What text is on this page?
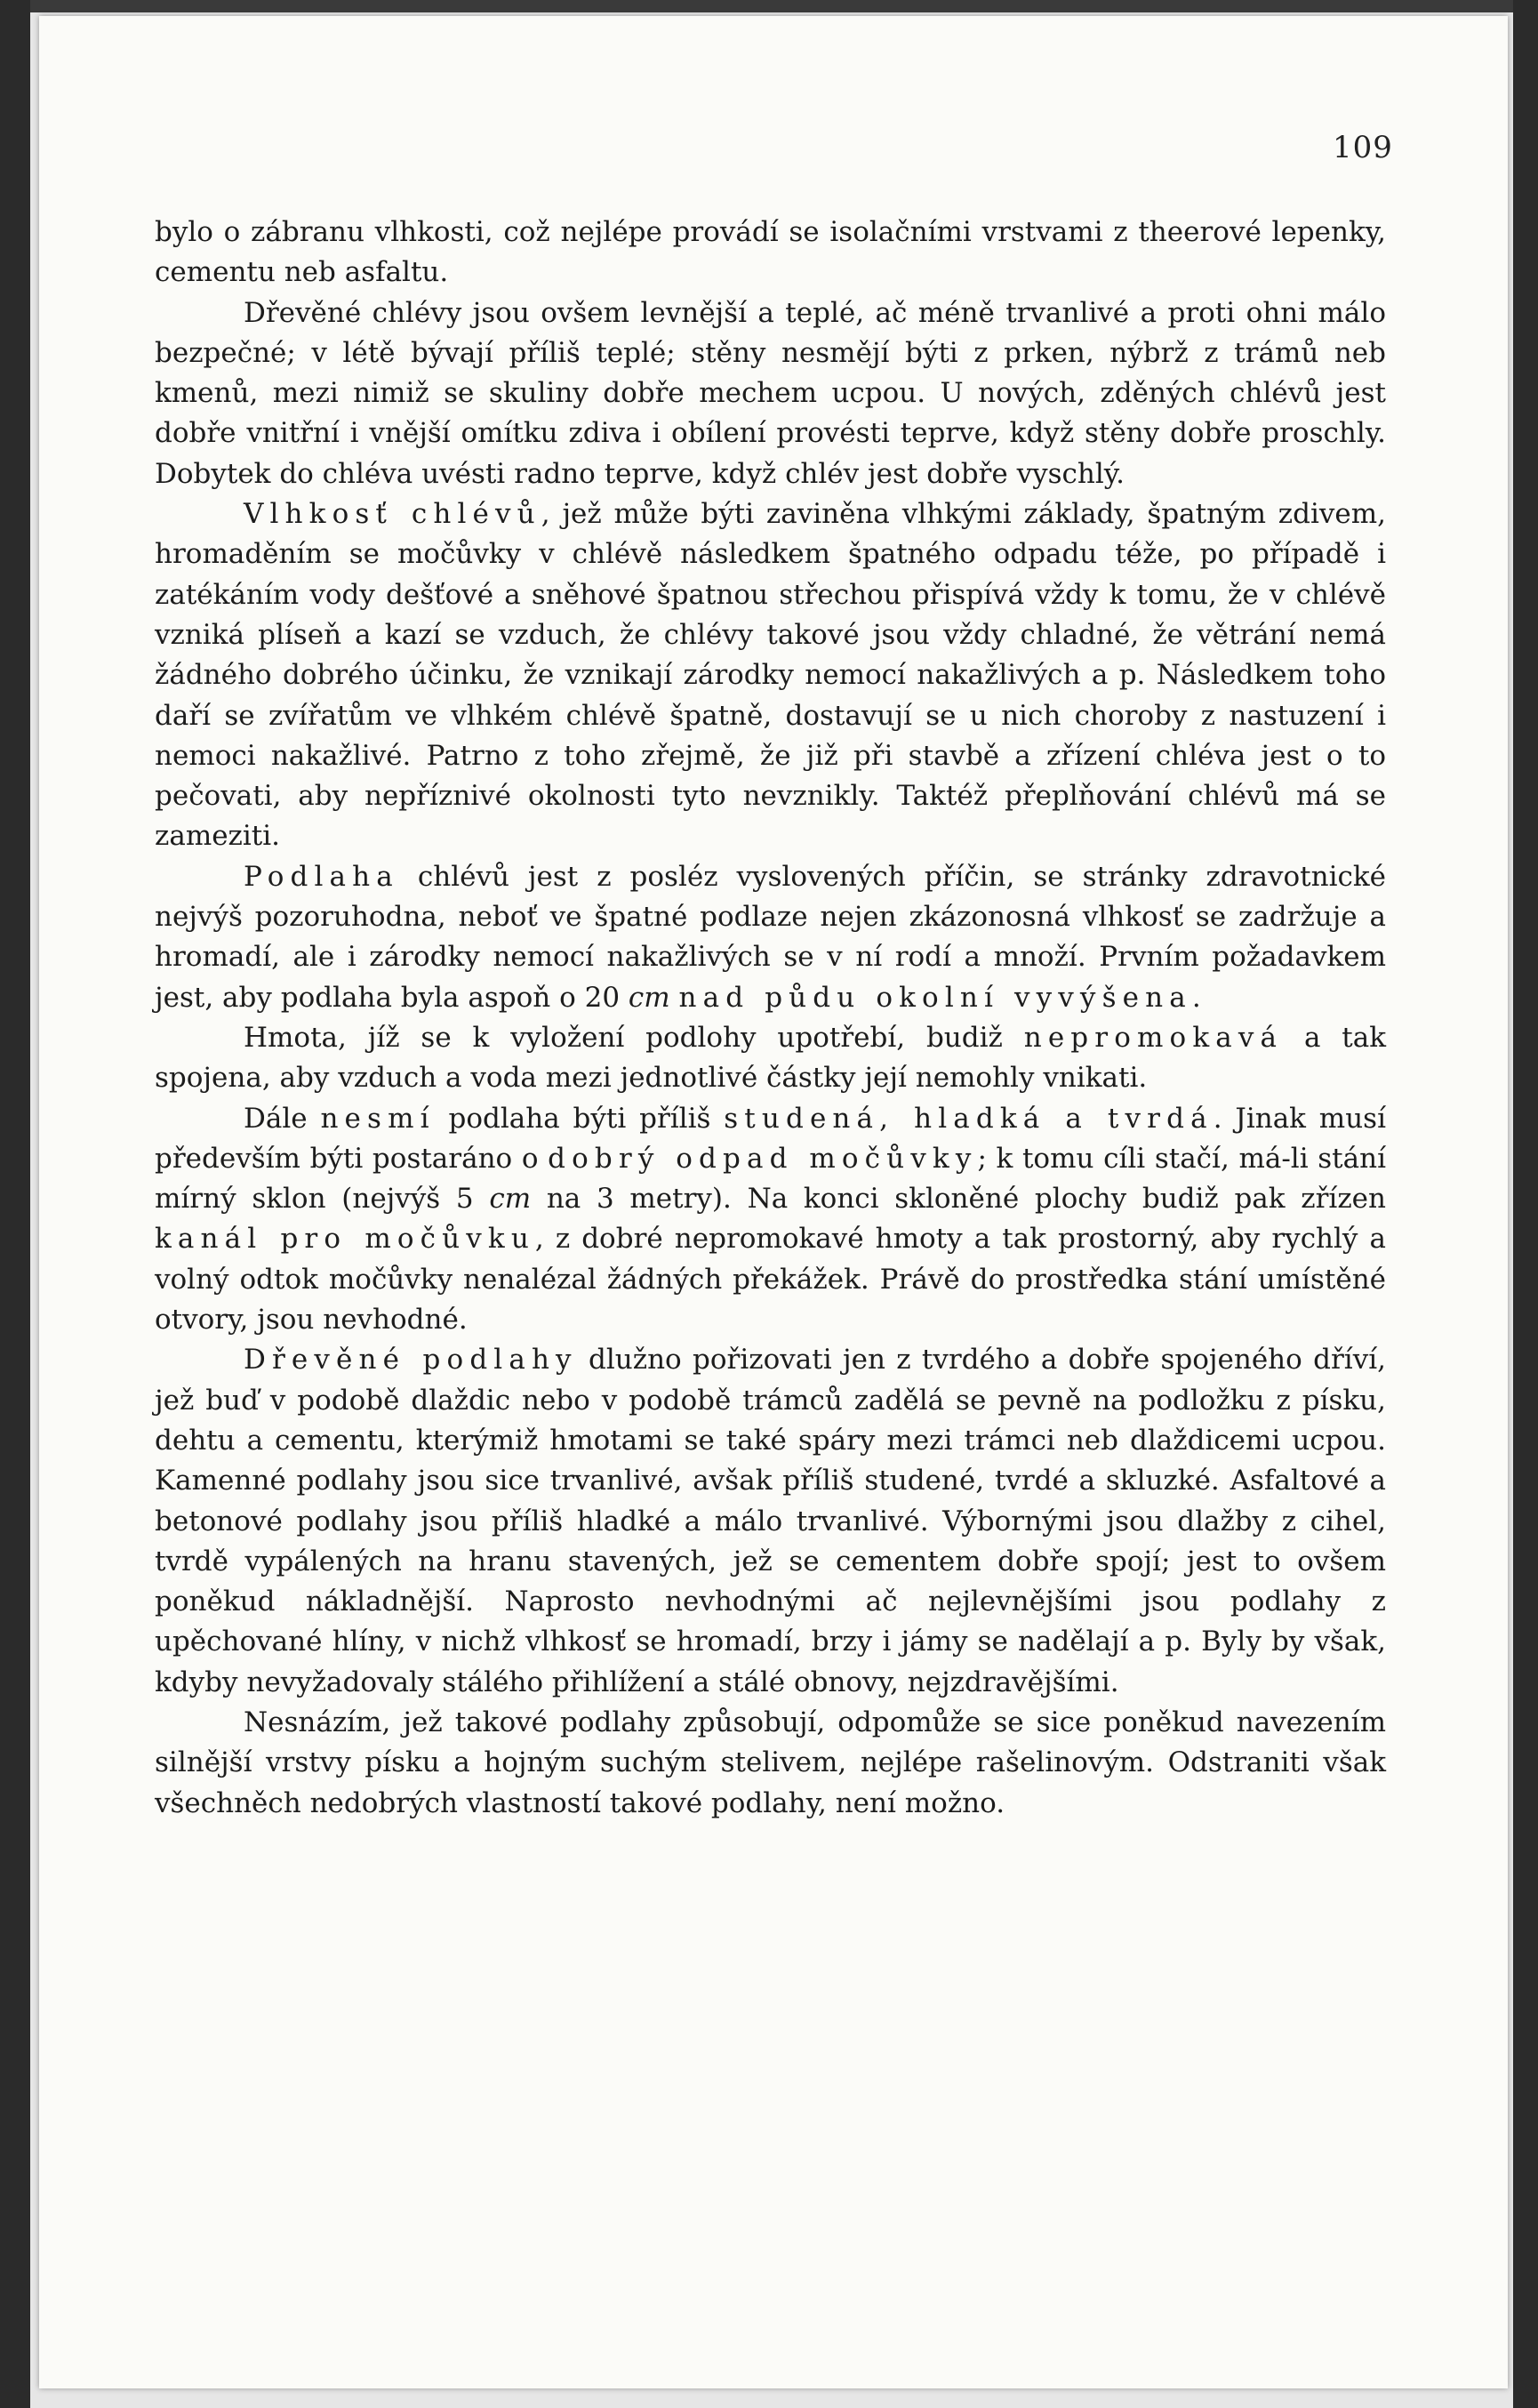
109

bylo o zábranu vlhkosti, což nejlépe provádí se isolačními vrstvami z theerové lepenky, cementu neb asfaltu.

Dřevěné chlévy jsou ovšem levnější a teplé, ač méně trvanlivé a proti ohni málo bezpečné; v létě bývají příliš teplé; stěny nesmějí býti z prken, nýbrž z trámů neb kmenů, mezi nimiž se skuliny dobře mechem ucpou. U nových, zděných chlévů jest dobře vnitřní i vnější omítku zdiva i obílení provésti teprve, když stěny dobře proschly. Dobytek do chléva uvésti radno teprve, když chlév jest dobře vyschlý.

Vlhkosť chlévů, jež může býti zaviněna vlhkými základy, špatným zdivem, hromaděním se močůvky v chlévě následkem špatného odpadu téže, po případě i zatékáním vody dešťové a sněhové špatnou střechou přispívá vždy k tomu, že v chlévě vzniká plíseň a kazí se vzduch, že chlévy takové jsou vždy chladné, že větrání nemá žádného dobrého účinku, že vznikají zárodky nemocí nakažlivých a p. Následkem toho daří se zvířatům ve vlhkém chlévě špatně, dostavují se u nich choroby z nastuzení i nemoci nakažlivé. Patrno z toho zřejmě, že již při stavbě a zřízení chléva jest o to pečovati, aby nepříznivé okolnosti tyto nevznikly. Taktéž přeplňování chlévů má se zameziti.

Podlaha chlévů jest z posléz vyslovených příčin, se stránky zdravotnické nejvýš pozoruhodna, neboť ve špatné podlaze nejen zkázonosná vlhkosť se zadržuje a hromadí, ale i zárodky nemocí nakažlivých se v ní rodí a množí. Prvním požadavkem jest, aby podlaha byla aspoň o 20 cm nad půdu okolní vyvýšena.

Hmota, jíž se k vyložení podlohy upotřebí, budiž nepromokavá a tak spojena, aby vzduch a voda mezi jednotlivé částky její nemohly vnikati.

Dále nesmí podlaha býti příliš studená, hladká a tvrdá. Jinak musí především býti postaráno o dobrý odpad močůvky; k tomu cíli stačí, má-li stání mírný sklon (nejvýš 5 cm na 3 metry). Na konci skloněné plochy budiž pak zřízen kanál pro močůvku, z dobré nepromokavé hmoty a tak prostorný, aby rychlý a volný odtok močůvky nenalézal žádných překážek. Právě do prostředka stání umístěné otvory, jsou nevhodné.

Dřevěné podlahy dlužno pořizovati jen z tvrdého a dobře spojeného dříví, jež buď v podobě dlaždic nebo v podobě trámců zadělá se pevně na podložku z písku, dehtu a cementu, kterýmiž hmotami se také spáry mezi trámci neb dlaždicemi ucpou. Kamenné podlahy jsou sice trvanlivé, avšak příliš studené, tvrdé a skluzké. Asfaltové a betonové podlahy jsou příliš hladké a málo trvanlivé. Výbornými jsou dlažby z cihel, tvrdě vypálených na hranu stavených, jež se cementem dobře spojí; jest to ovšem poněkud nákladnější. Naprosto nevhodnými ač nejlevnějšími jsou podlahy z upěchované hlíny, v nichž vlhkosť se hromadí, brzy i jámy se nadělají a p. Byly by však, kdyby nevyžadovaly stálého přihlížení a stálé obnovy, nejzdravějšími.

Nesnázím, jež takové podlahy způsobují, odpomůže se sice poněkud navezením silnější vrstvy písku a hojným suchým stelivem, nejlépe rašelinovým. Odstraniti však všechněch nedobrých vlastností takové podlahy, není možno.
